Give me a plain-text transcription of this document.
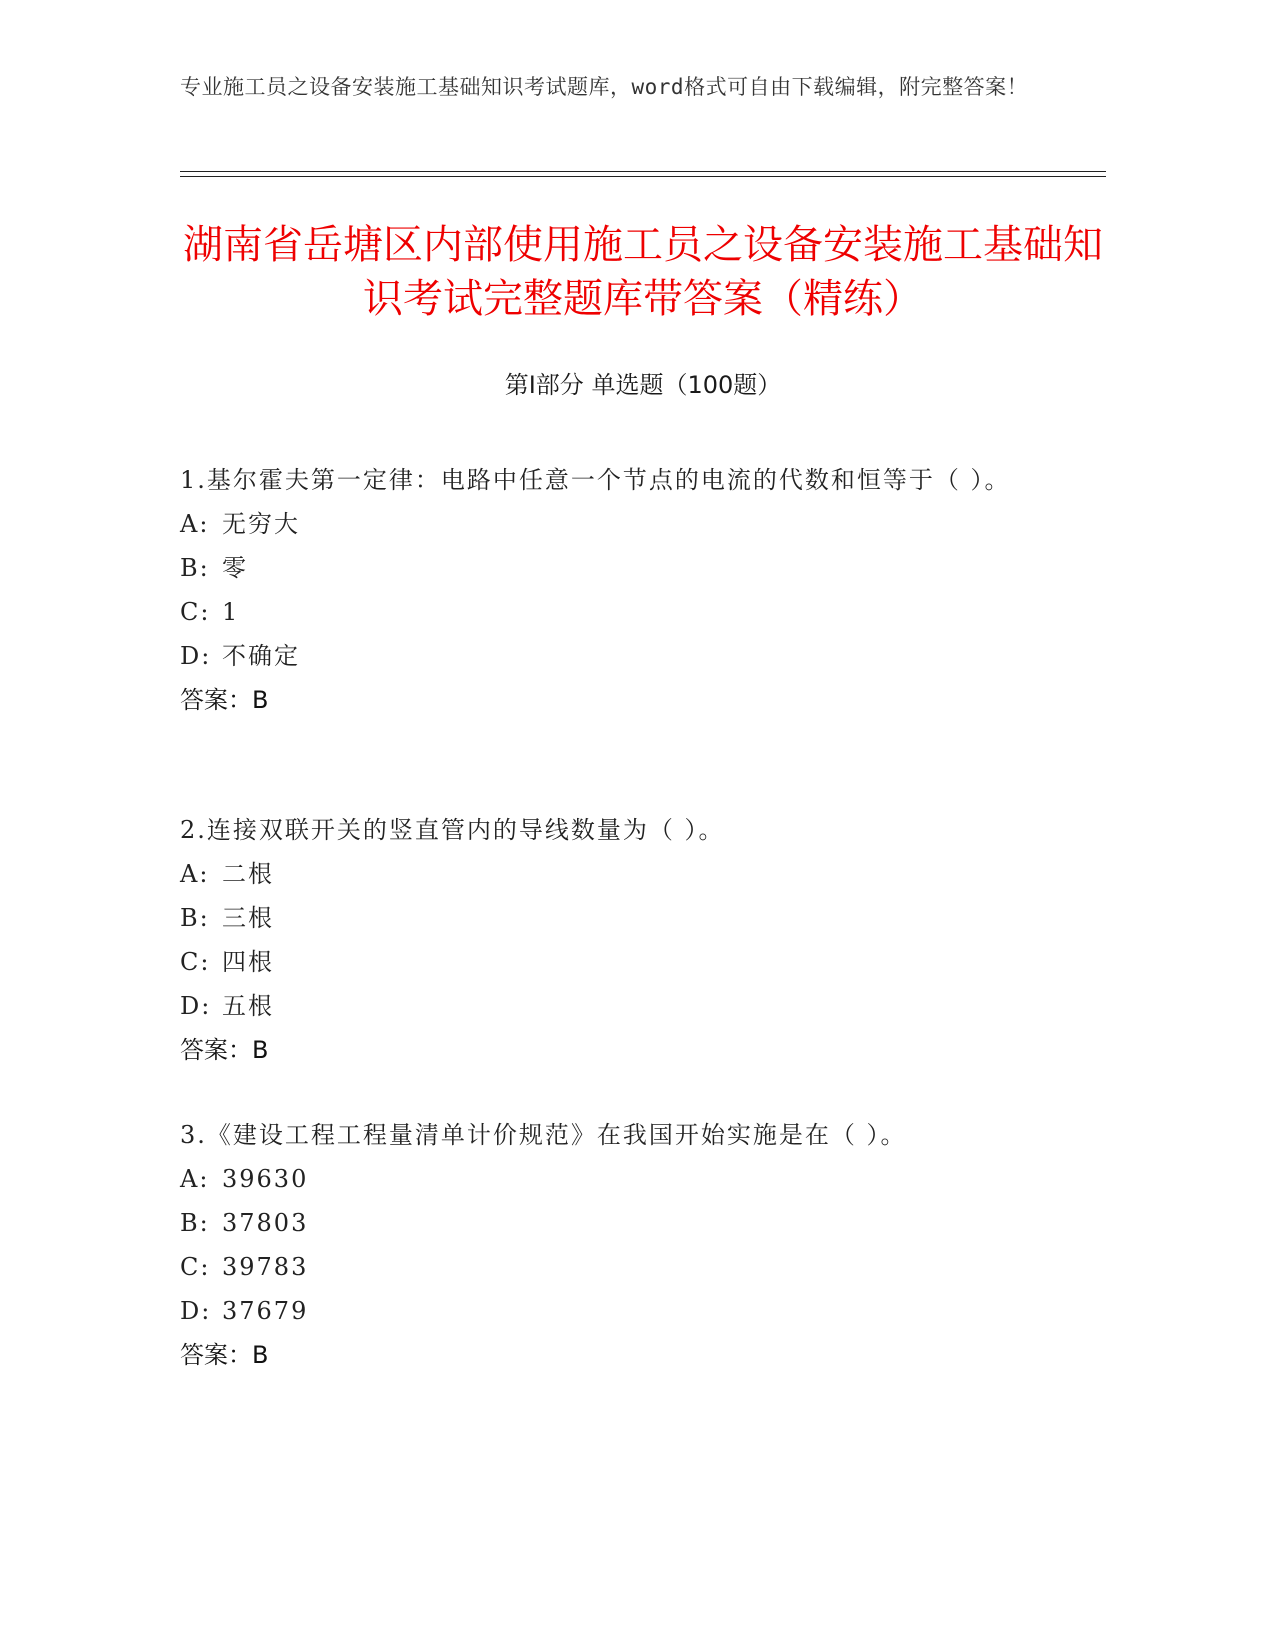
专业施工员之设备安装施工基础知识考试题库，word格式可自由下载编辑，附完整答案！
湖南省岳塘区内部使用施工员之设备安装施工基础知识考试完整题库带答案（精练）
第Ⅰ部分 单选题（100题）
1.基尔霍夫第一定律：电路中任意一个节点的电流的代数和恒等于（ ）。
A: 无穷大
B: 零
C: 1
D: 不确定
答案：B
2.连接双联开关的竖直管内的导线数量为（ ）。
A: 二根
B: 三根
C: 四根
D: 五根
答案：B
3.《建设工程工程量清单计价规范》在我国开始实施是在（ ）。
A: 39630
B: 37803
C: 39783
D: 37679
答案：B
